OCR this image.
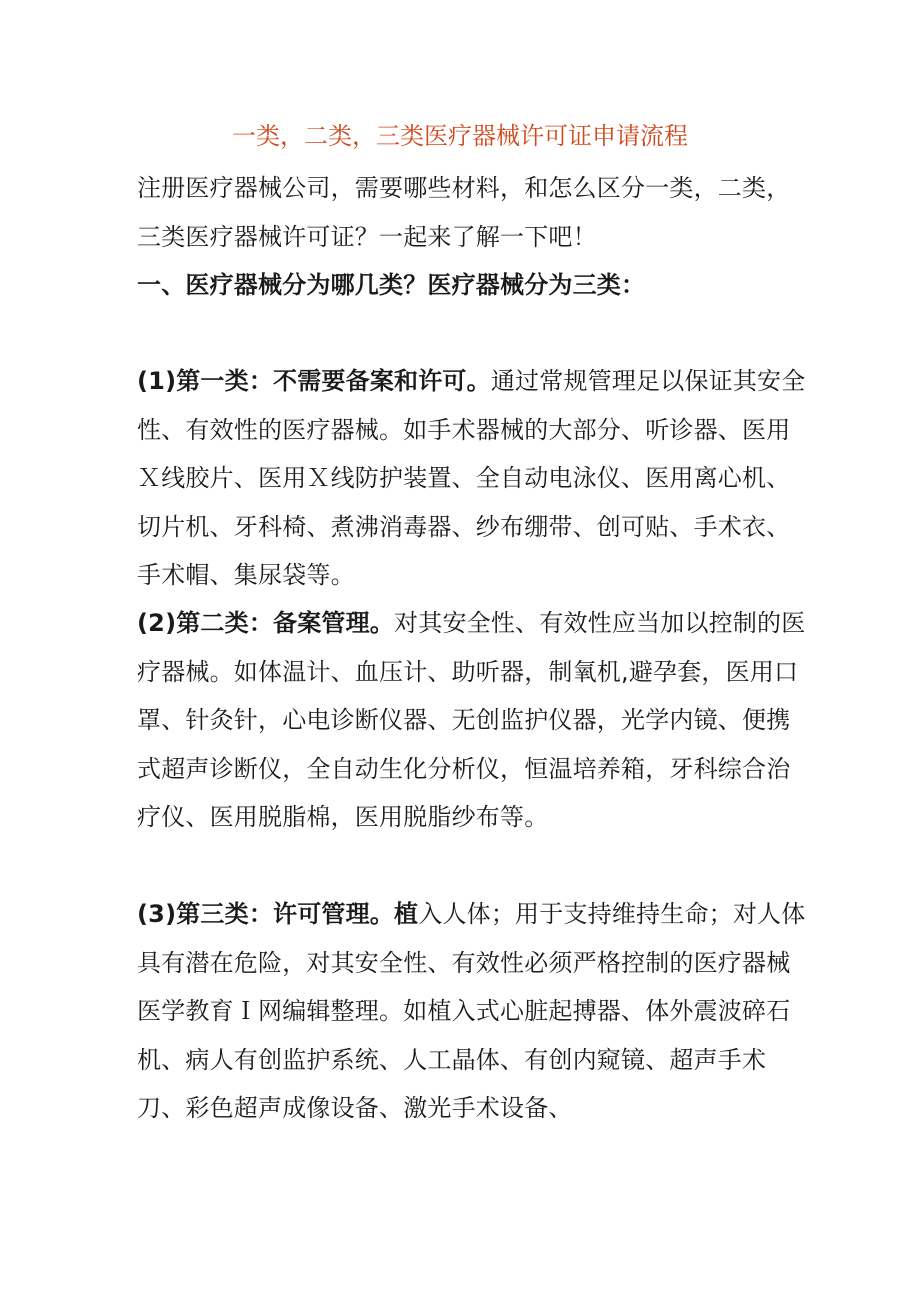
一类，二类，三类医疗器械许可证申请流程
注册医疗器械公司，需要哪些材料，和怎么区分一类，二类，三类医疗器械许可证？一起来了解一下吧！
一、医疗器械分为哪几类？医疗器械分为三类：
(1)第一类：不需要备案和许可。通过常规管理足以保证其安全性、有效性的医疗器械。如手术器械的大部分、听诊器、医用Ｘ线胶片、医用Ｘ线防护装置、全自动电泳仪、医用离心机、切片机、牙科椅、煮沸消毒器、纱布绷带、创可贴、手术衣、手术帽、集尿袋等。
(2)第二类：备案管理。对其安全性、有效性应当加以控制的医疗器械。如体温计、血压计、助听器，制氧机,避孕套，医用口罩、针灸针，心电诊断仪器、无创监护仪器，光学内镜、便携式超声诊断仪，全自动生化分析仪，恒温培养箱，牙科综合治疗仪、医用脱脂棉，医用脱脂纱布等。
(3)第三类：许可管理。植入人体；用于支持维持生命；对人体具有潜在危险，对其安全性、有效性必须严格控制的医疗器械医学教育Ｉ网编辑整理。如植入式心脏起搏器、体外震波碎石机、病人有创监护系统、人工晶体、有创内窥镜、超声手术刀、彩色超声成像设备、激光手术设备、
